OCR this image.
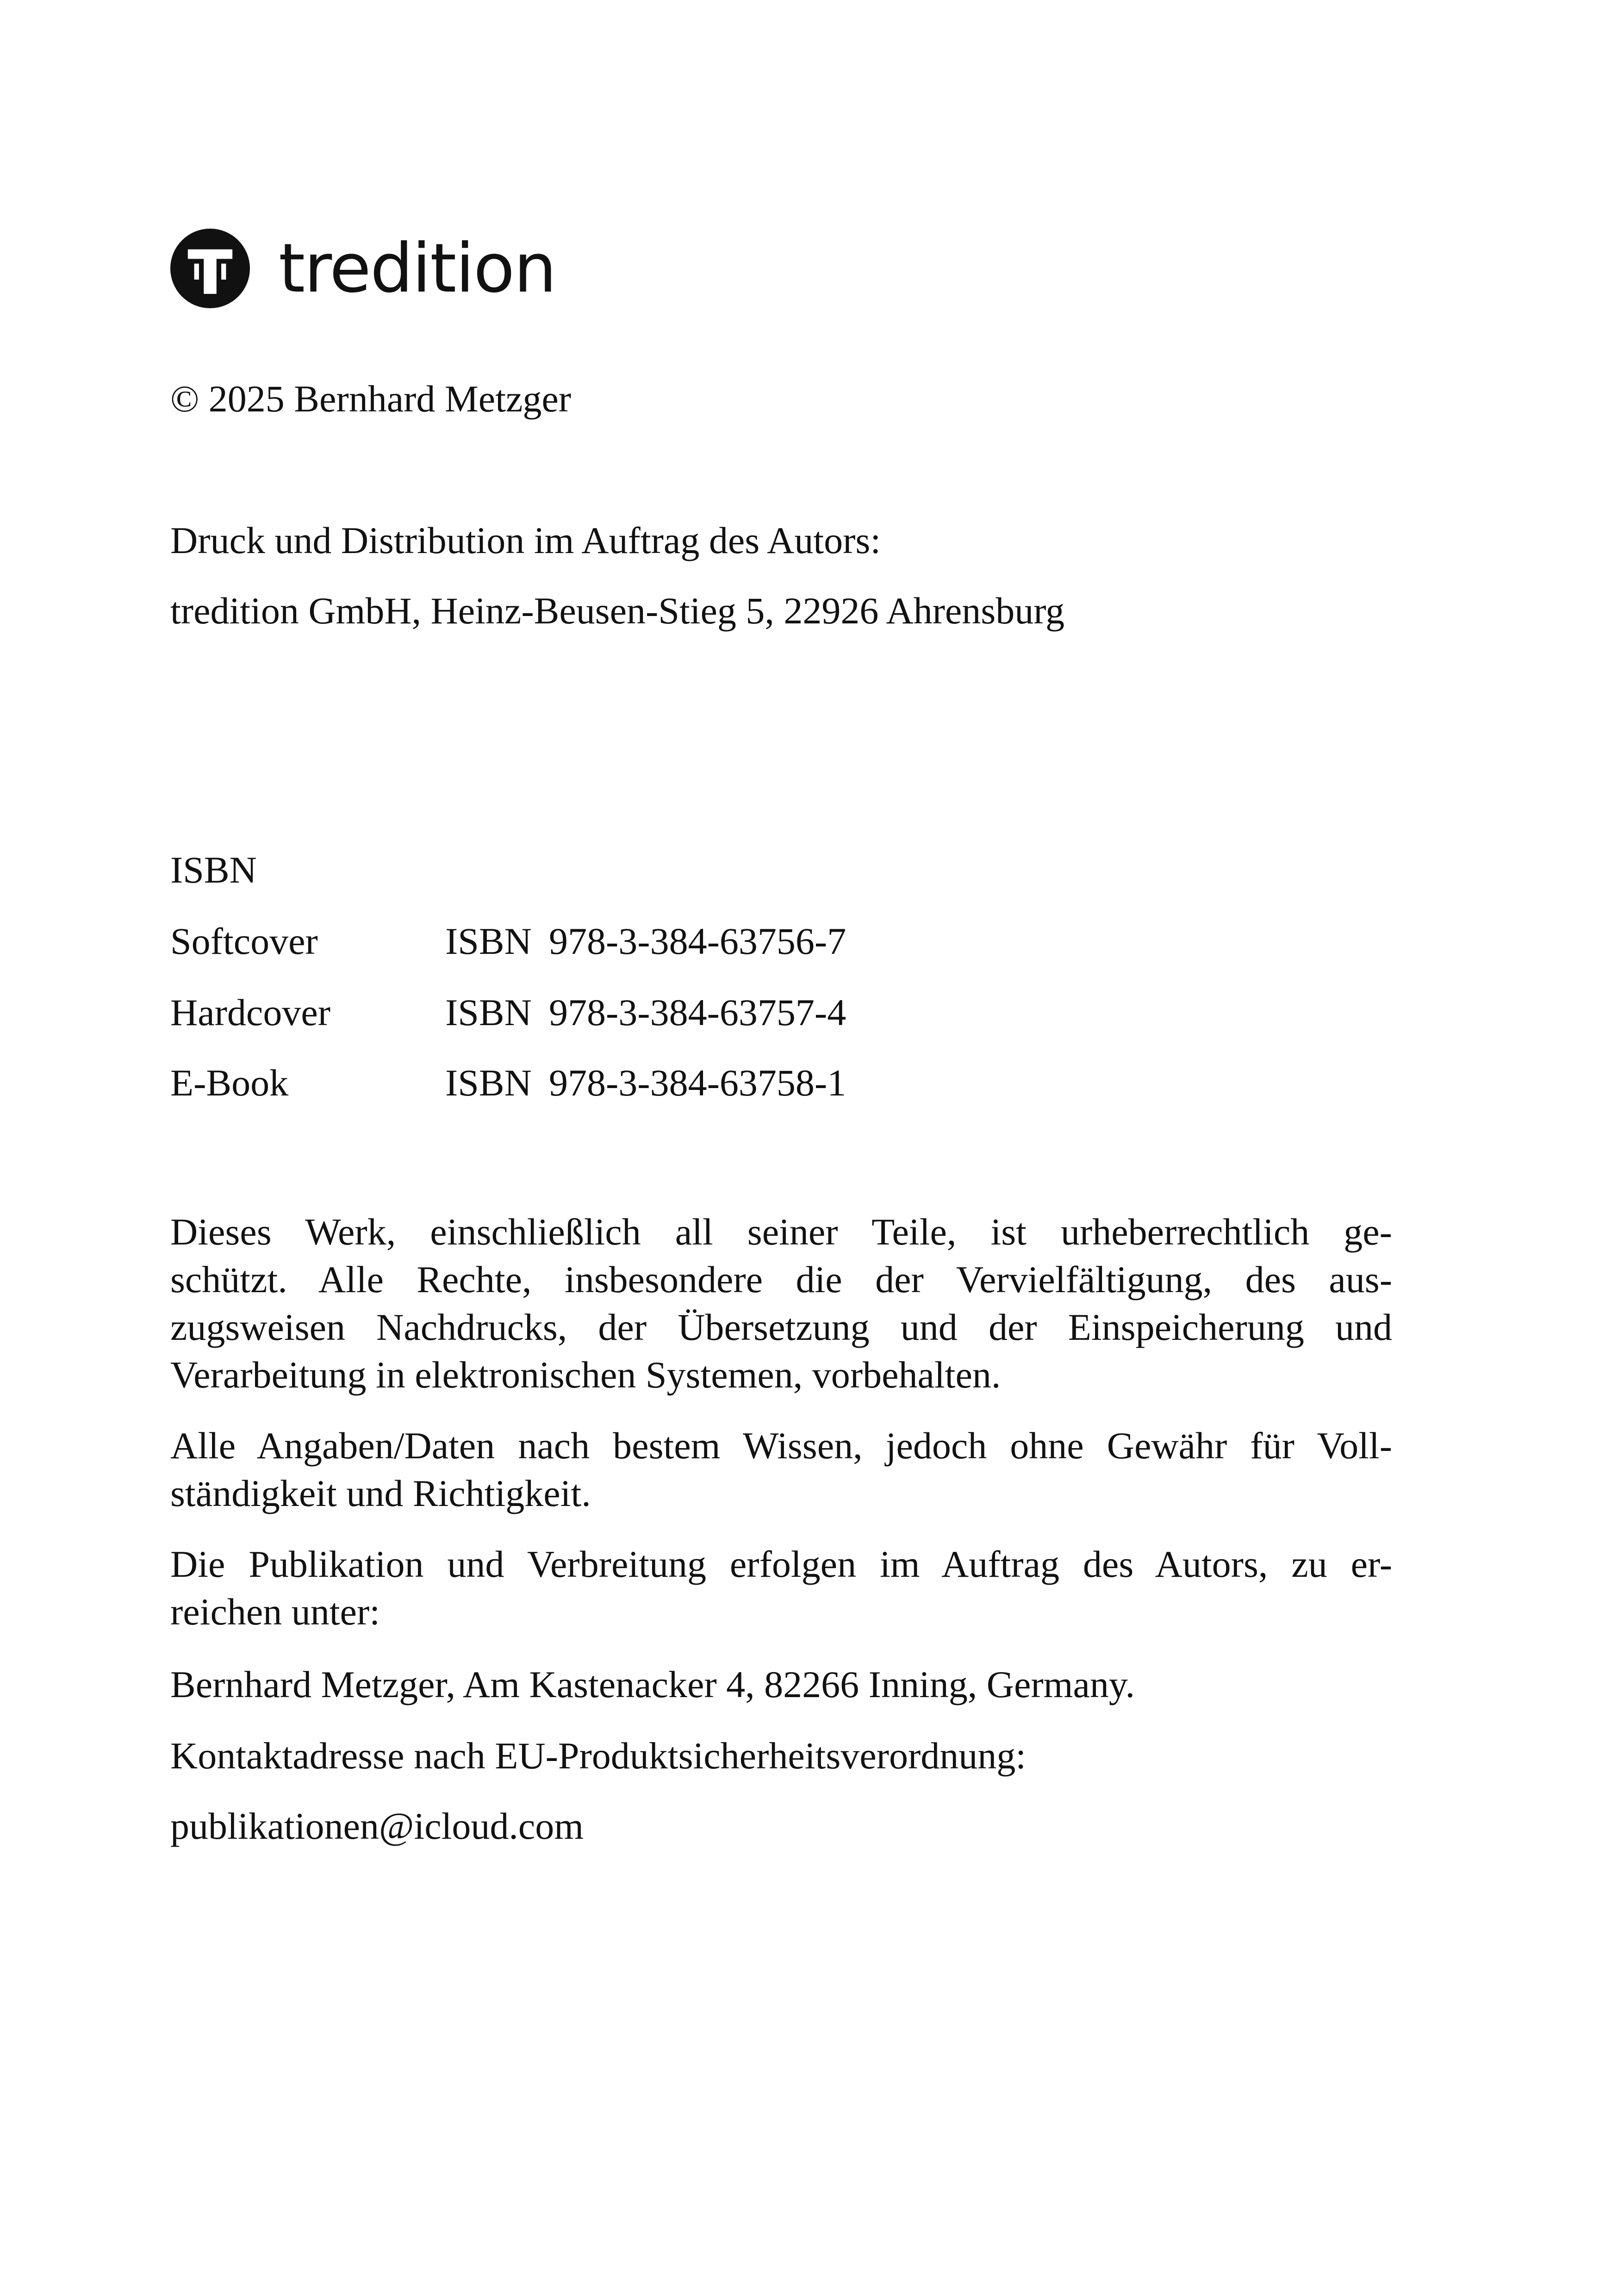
tredition
© 2025 Bernhard Metzger
Druck und Distribution im Auftrag des Autors:
tredition GmbH, Heinz-Beusen-Stieg 5, 22926 Ahrensburg
ISBN
Softcover	ISBN 978-3-384-63756-7
Hardcover	ISBN 978-3-384-63757-4
E-Book	ISBN 978-3-384-63758-1
Dieses Werk, einschließlich all seiner Teile, ist urheberrechtlich ge-
schützt. Alle Rechte, insbesondere die der Vervielfältigung, des aus-
zugsweisen Nachdrucks, der Übersetzung und der Einspeicherung und
Verarbeitung in elektronischen Systemen, vorbehalten.
Alle Angaben/Daten nach bestem Wissen, jedoch ohne Gewähr für Voll-
ständigkeit und Richtigkeit.
Die Publikation und Verbreitung erfolgen im Auftrag des Autors, zu er-
reichen unter:
Bernhard Metzger, Am Kastenacker 4, 82266 Inning, Germany.
Kontaktadresse nach EU-Produktsicherheitsverordnung:
publikationen@icloud.com
